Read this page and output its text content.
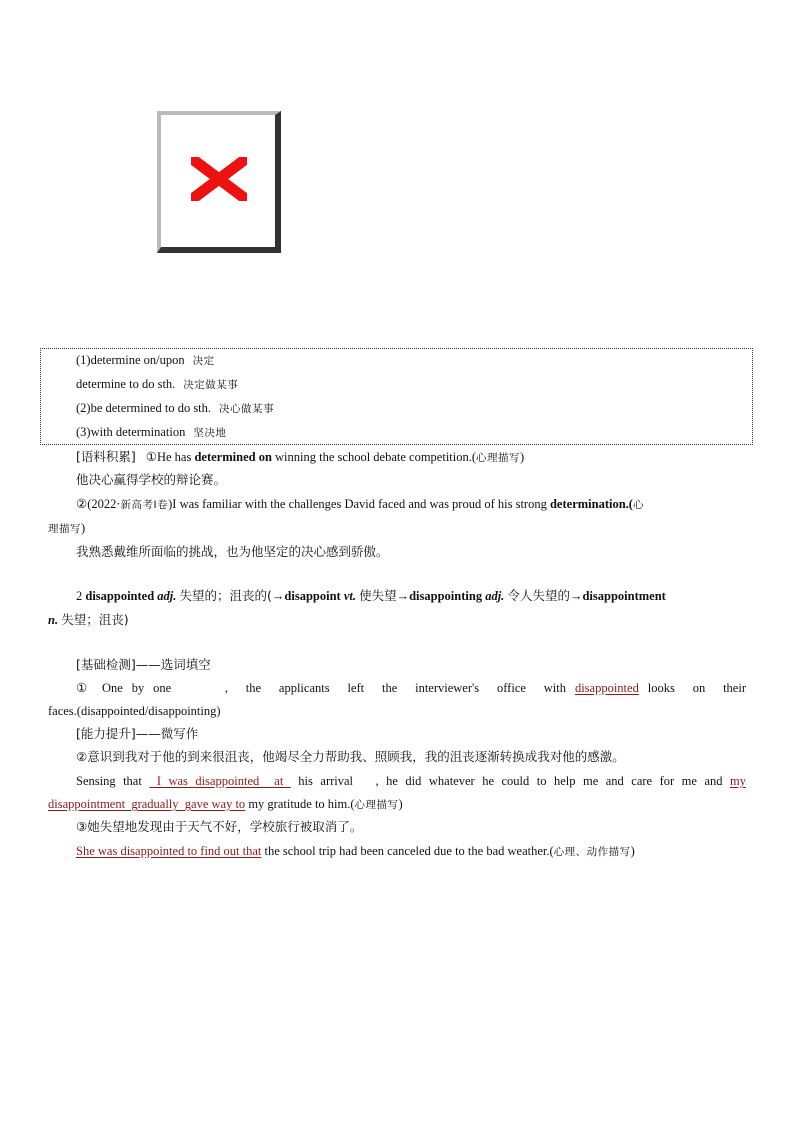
(1)determine on/upon 决定
determine to do sth. 决定做某事
(2)be determined to do sth. 决心做某事
(3)with determination 坚决地
[语料积累] ①He has determined on winning the school debate competition.(心理描写)
他决心赢得学校的辩论赛。
②(2022·新高考Ⅰ卷)I was familiar with the challenges David faced and was proud of his strong determination.(心
理描写)
我熟悉戴维所面临的挑战，也为他坚定的决心感到骄傲。
2 disappointed adj. 失望的；沮丧的(→disappoint vt. 使失望→disappointing adj. 令人失望的→disappointment
n. 失望；沮丧)
[基础检测]——选词填空
① One by one      ,  the  applicants  left  the  interviewer's  office  with disappointed looks  on  their
faces.(disappointed/disappointing)
[能力提升]——微写作
②意识到我对于他的到来很沮丧，他竭尽全力帮助我、照顾我，我的沮丧逐渐转换成我对他的感激。
Sensing that  I was disappointed  at  his arrival   , he did whatever he could to help me and care for me and my
disappointment  gradually  gave way to my gratitude to him.(心理描写)
③她失望地发现由于天气不好，学校旅行被取消了。
She was disappointed to find out that the school trip had been canceled due to the bad weather.(心理、动作描写)
